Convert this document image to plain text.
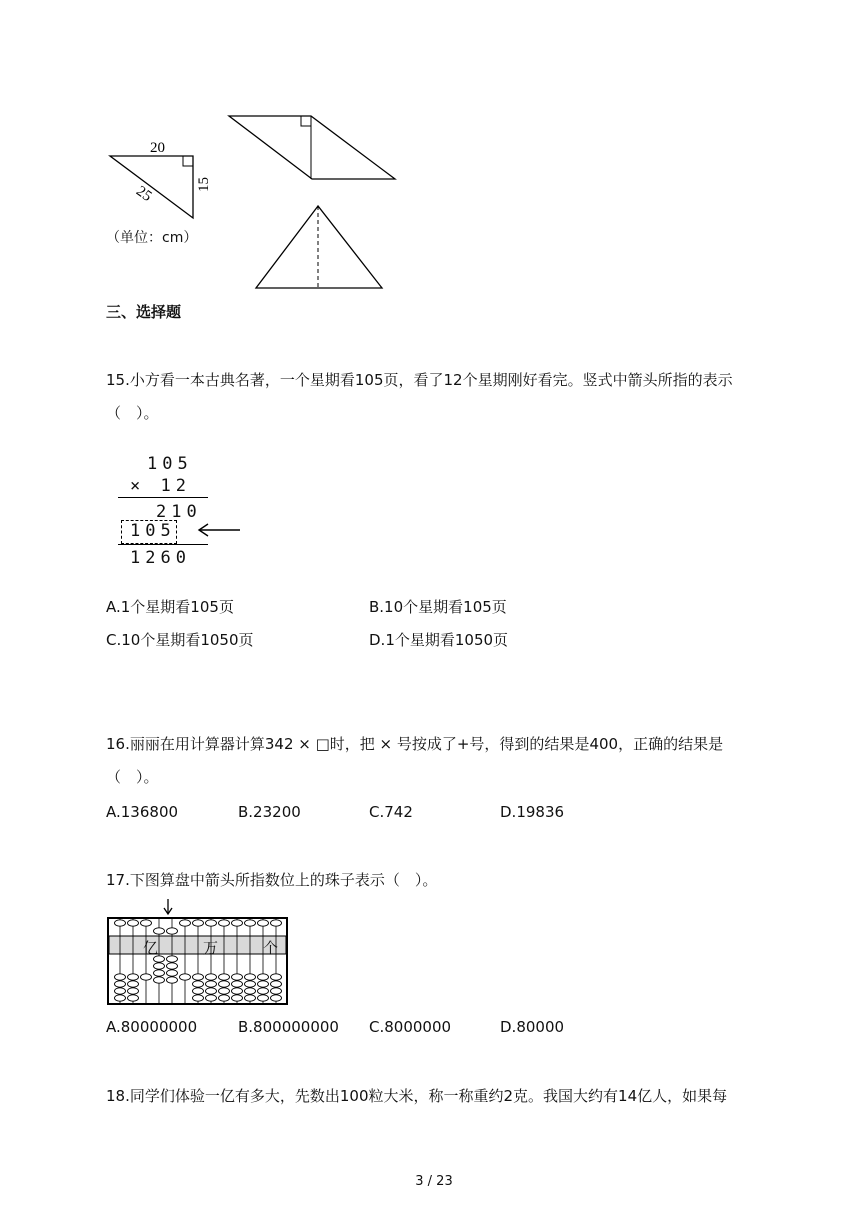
20
25	15
（单位：cm）
三、选择题
15.小方看一本古典名著，一个星期看105页，看了12个星期刚好看完。竖式中箭头所指的表示
（　）。
105
× 12
210
105
1260
A.1个星期看105页	B.10个星期看105页
C.10个星期看1050页	D.1个星期看1050页
16.丽丽在用计算器计算342 × □时，把 × 号按成了+号，得到的结果是400，正确的结果是
（　）。
A.136800	B.23200	C.742	D.19836
17.下图算盘中箭头所指数位上的珠子表示（　）。
亿	万	个
A.80000000	B.800000000 C.8000000	D.80000
18.同学们体验一亿有多大，先数出100粒大米，称一称重约2克。我国大约有14亿人，如果每
3 / 23
